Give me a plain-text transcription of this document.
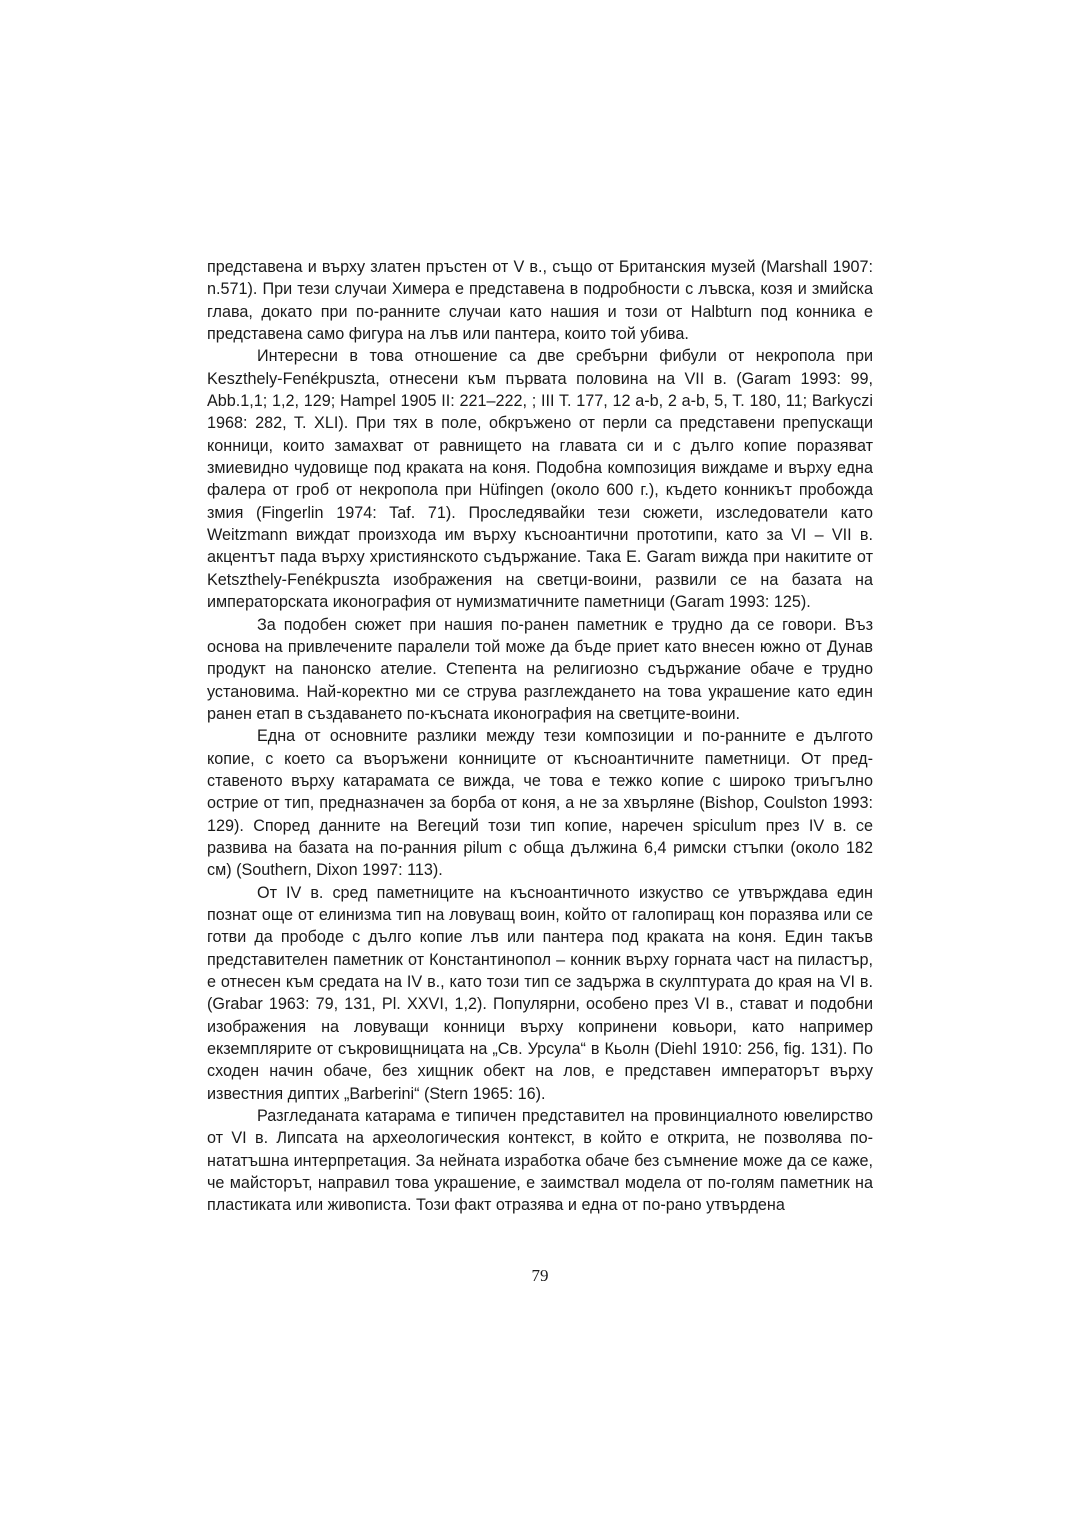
представена и върху златен пръстен от V в., също от Британския музей (Marshall 1907: n.571). При тези случаи Химера е представена в подробности с лъвска, козя и змийска глава, докато при по-ранните случаи като нашия и този от Halbturn под конника е представена само фигура на лъв или пантера, които той убива.

Интересни в това отношение са две сребърни фибули от некропола при Keszthely-Fenékpuszta, отнесени към първата половина на VII в. (Garam 1993: 99, Abb.1,1; 1,2, 129; Hampel 1905 II: 221–222, ; III T. 177, 12 a-b, 2 a-b, 5, T. 180, 11; Barkyczi 1968: 282, T. XLI). При тях в поле, обкръжено от перли са представени препускащи конници, които замахват от равнището на главата си и с дълго копие поразяват змиевидно чудовище под краката на коня. Подобна композиция виждаме и върху една фалера от гроб от некропола при Hüfingen (около 600 г.), където конникът пробожда змия (Fingerlin 1974: Taf. 71). Проследявайки тези сюжети, изследователи като Weitzmann виждат произхода им върху късноантични прототипи, като за VI – VII в. акцентът пада върху християнското съдържание. Така E. Garam вижда при накитите от Ketszthely-Fenékpuszta изображения на светци-воини, развили се на базата на императорската иконография от нумизматичните паметници (Garam 1993: 125).

За подобен сюжет при нашия по-ранен паметник е трудно да се говори. Въз основа на привлечените паралели той може да бъде приет като внесен южно от Дунав продукт на панонско ателие. Степента на религиозно съдържание обаче е трудно установима. Най-коректно ми се струва разглеждането на това украшение като един ранен етап в създаването по-късната иконография на светците-воини.

Една от основните разлики между тези композиции и по-ранните е дългото копие, с което са въоръжени конниците от късноантичните паметници. От представеното върху катарамата се вижда, че това е тежко копие с широко триъгълно острие от тип, предназначен за борба от коня, а не за хвърляне (Bishop, Coulston 1993: 129). Според данните на Вегеций този тип копие, наречен spiculum през IV в. се развива на базата на по-ранния pilum с обща дължина 6,4 римски стъпки (около 182 см) (Southern, Dixon 1997: 113).

От IV в. сред паметниците на късноантичното изкуство се утвърждава един познат още от елинизма тип на ловуващ воин, който от галопиращ кон поразява или се готви да прободе с дълго копие лъв или пантера под краката на коня. Един такъв представителен паметник от Константинопол – конник върху горната част на пиластър, е отнесен към средата на IV в., като този тип се задържа в скулптурата до края на VI в. (Grabar 1963: 79, 131, Pl. XXVI, 1,2). Популярни, особено през VI в., стават и подобни изображения на ловуващи конници върху копринени ковьори, като например екземплярите от съкровищницата на „Св. Урсула“ в Кьолн (Diehl 1910: 256, fig. 131). По сходен начин обаче, без хищник обект на лов, е представен императорът върху известния диптих „Barberini“ (Stern 1965: 16).

Разгледаната катарама е типичен представител на провинциалното ювелирство от VI в. Липсата на археологическия контекст, в който е открита, не позволява понататъшна интерпретация. За нейната изработка обаче без съмнение може да се каже, че майсторът, направил това украшение, е заимствал модела от по-голям паметник на пластиката или живописта. Този факт отразява и една от по-рано утвърдена

79
